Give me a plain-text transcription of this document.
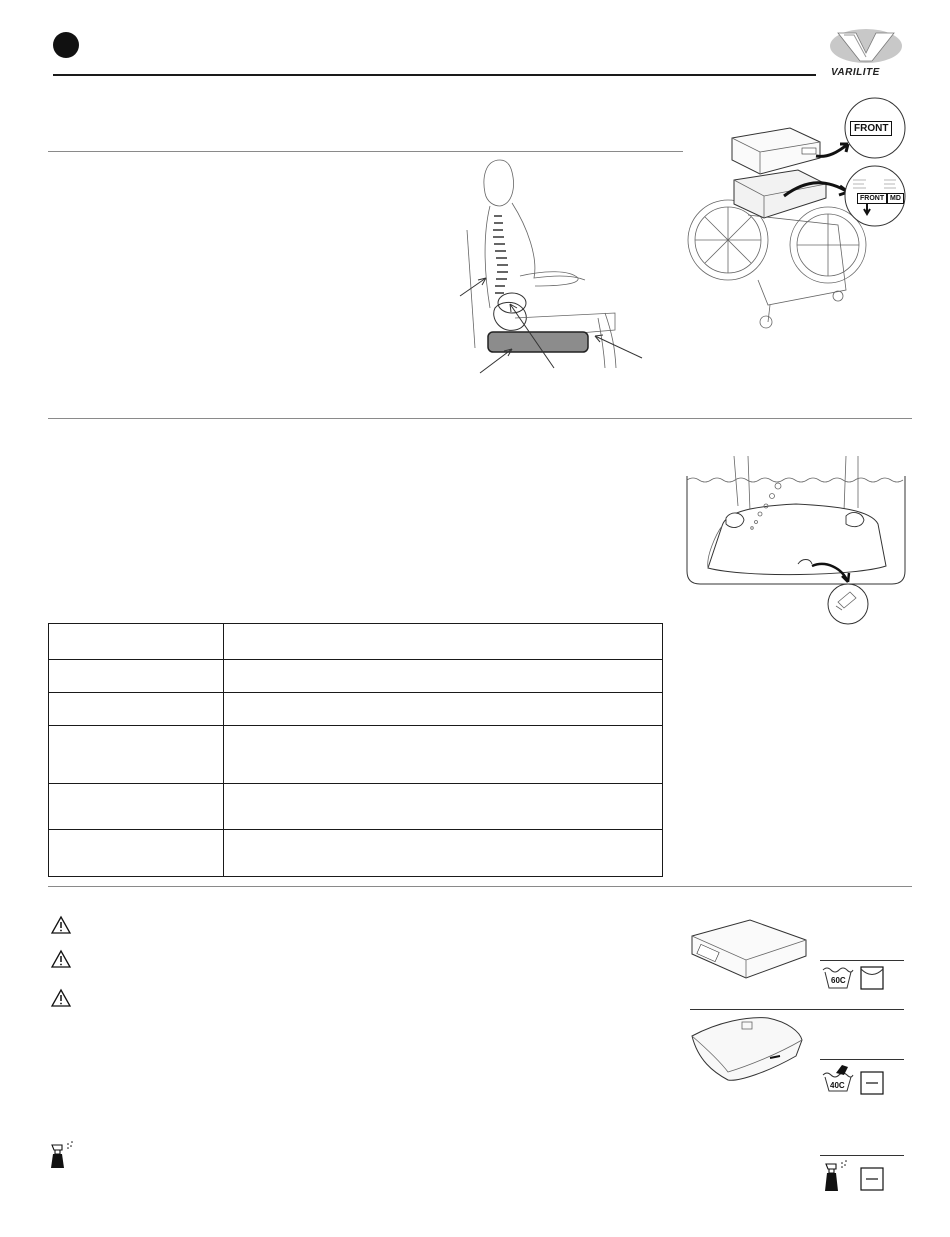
VARILITE
FRONT
FRONT MD

60C
40C
